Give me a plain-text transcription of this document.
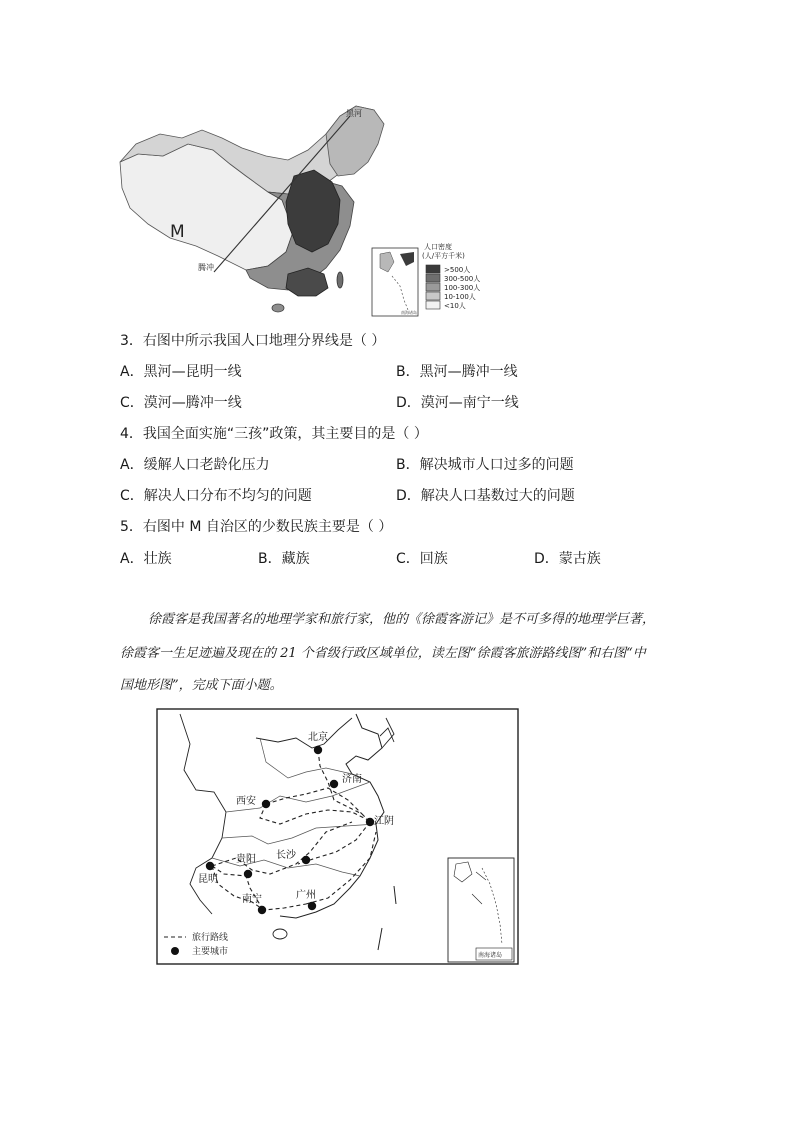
黑河
M
腾冲
南海诸岛
人口密度
(人/平方千米)
>500人
300-500人
100-300人
10-100人
<10人
3．右图中所示我国人口地理分界线是（ ）
A．黑河—昆明一线	B．黑河—腾冲一线
C．漠河—腾冲一线	D．漠河—南宁一线
4．我国全面实施“三孩”政策，其主要目的是（ ）
A．缓解人口老龄化压力	B．解决城市人口过多的问题
C．解决人口分布不均匀的问题	D．解决人口基数过大的问题
5．右图中 M 自治区的少数民族主要是（ ）
A．壮族	B．藏族	C．回族	D．蒙古族
徐霞客是我国著名的地理学家和旅行家，他的《徐霞客游记》是不可多得的地理学巨著，
徐霞客一生足迹遍及现在的 21 个省级行政区域单位，读左图“徐霞客旅游路线图”和右图“中
国地形图”，完成下面小题。
北京
济南
西安
江阴
贵阳 长沙
昆明
南宁	广州
南海诸岛
旅行路线
主要城市
